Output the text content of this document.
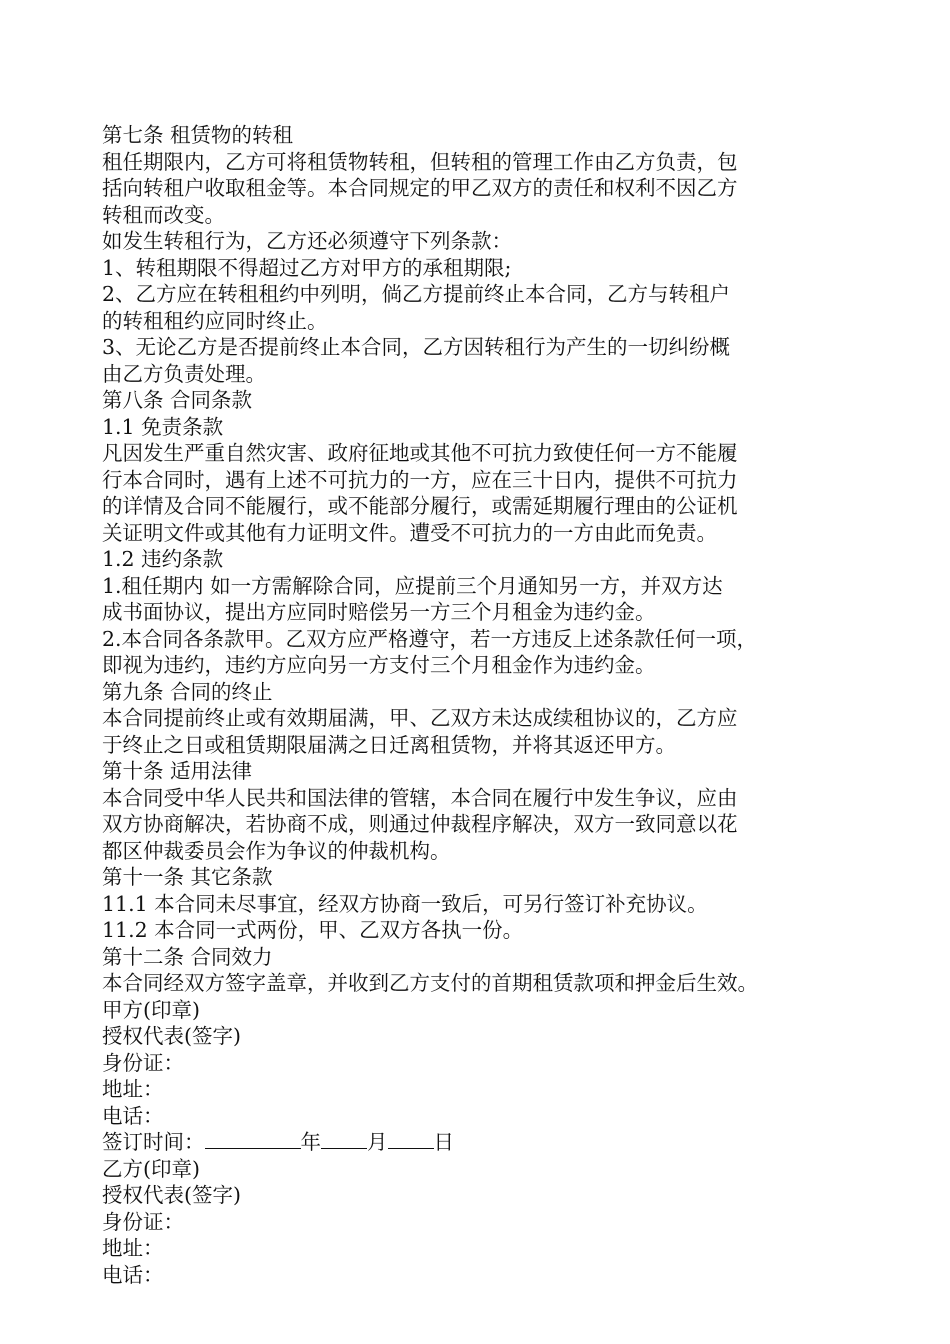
第七条 租赁物的转租
租任期限内，乙方可将租赁物转租，但转租的管理工作由乙方负责，包
括向转租户收取租金等。本合同规定的甲乙双方的责任和权利不因乙方
转租而改变。
如发生转租行为，乙方还必须遵守下列条款：
1、转租期限不得超过乙方对甲方的承租期限;
2、乙方应在转租租约中列明，倘乙方提前终止本合同，乙方与转租户
的转租租约应同时终止。
3、无论乙方是否提前终止本合同，乙方因转租行为产生的一切纠纷概
由乙方负责处理。
第八条 合同条款
1.1 免责条款
凡因发生严重自然灾害、政府征地或其他不可抗力致使任何一方不能履
行本合同时，遇有上述不可抗力的一方，应在三十日内，提供不可抗力
的详情及合同不能履行，或不能部分履行，或需延期履行理由的公证机
关证明文件或其他有力证明文件。遭受不可抗力的一方由此而免责。
1.2 违约条款
1.租任期内 如一方需解除合同，应提前三个月通知另一方，并双方达
成书面协议，提出方应同时赔偿另一方三个月租金为违约金。
2.本合同各条款甲。乙双方应严格遵守，若一方违反上述条款任何一项，
即视为违约，违约方应向另一方支付三个月租金作为违约金。
第九条 合同的终止
本合同提前终止或有效期届满，甲、乙双方未达成续租协议的，乙方应
于终止之日或租赁期限届满之日迁离租赁物，并将其返还甲方。
第十条 适用法律
本合同受中华人民共和国法律的管辖，本合同在履行中发生争议，应由
双方协商解决，若协商不成，则通过仲裁程序解决，双方一致同意以花
都区仲裁委员会作为争议的仲裁机构。
第十一条 其它条款
11.1 本合同未尽事宜，经双方协商一致后，可另行签订补充协议。
11.2 本合同一式两份，甲、乙双方各执一份。
第十二条 合同效力
本合同经双方签字盖章，并收到乙方支付的首期租赁款项和押金后生效。
甲方(印章)
授权代表(签字)
身份证：
地址：
电话：
签订时间：	年 月 日
乙方(印章)
授权代表(签字)
身份证：
地址：
电话：
